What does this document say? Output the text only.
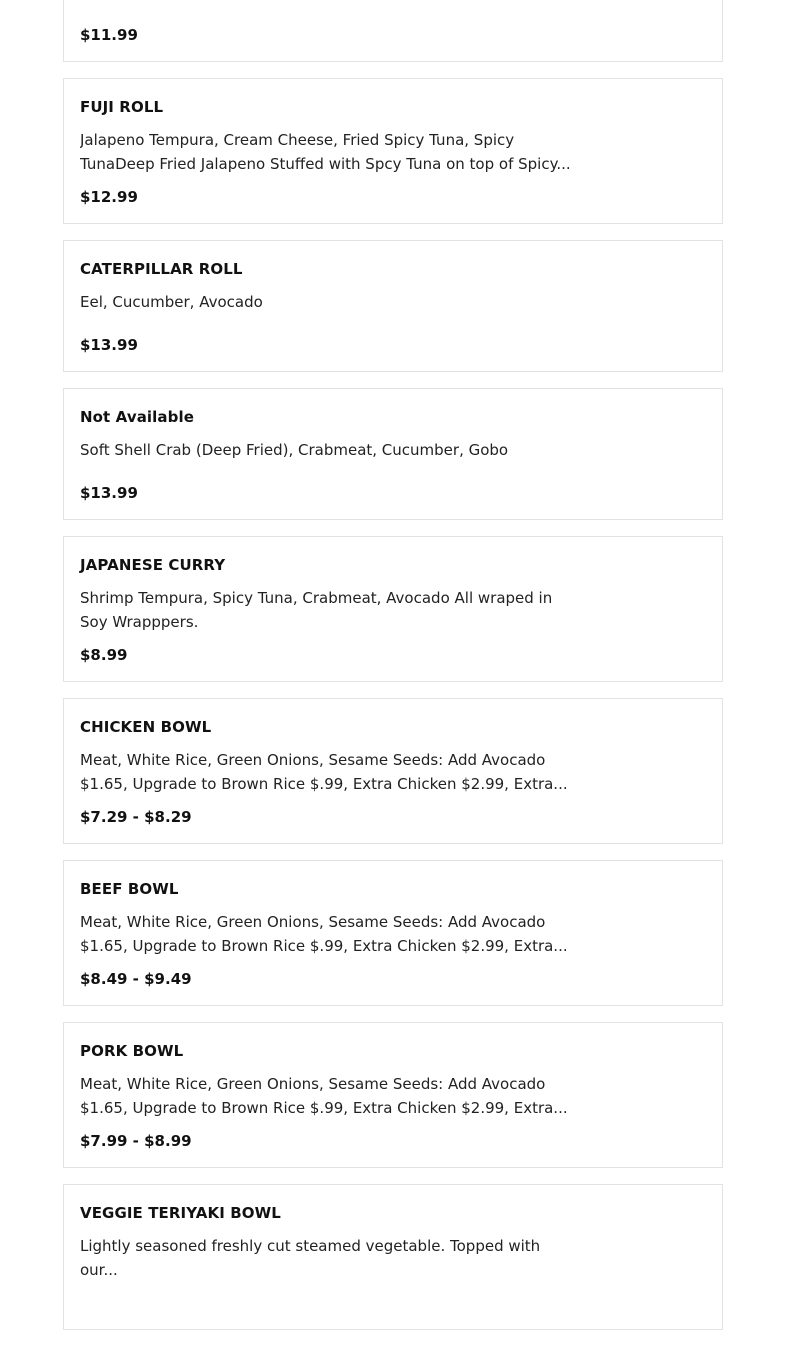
$11.99
FUJI ROLL
Jalapeno Tempura, Cream Cheese, Fried Spicy Tuna, Spicy TunaDeep Fried Jalapeno Stuffed with Spcy Tuna on top of Spicy...
$12.99
CATERPILLAR ROLL
Eel, Cucumber, Avocado
$13.99
Not Available
Soft Shell Crab (Deep Fried), Crabmeat, Cucumber, Gobo
$13.99
JAPANESE CURRY
Shrimp Tempura, Spicy Tuna, Crabmeat, Avocado All wraped in Soy Wrapppers.
$8.99
CHICKEN BOWL
Meat, White Rice, Green Onions, Sesame Seeds: Add Avocado $1.65, Upgrade to Brown Rice $.99, Extra Chicken $2.99, Extra...
$7.29 - $8.29
BEEF BOWL
Meat, White Rice, Green Onions, Sesame Seeds: Add Avocado $1.65, Upgrade to Brown Rice $.99, Extra Chicken $2.99, Extra...
$8.49 - $9.49
PORK BOWL
Meat, White Rice, Green Onions, Sesame Seeds: Add Avocado $1.65, Upgrade to Brown Rice $.99, Extra Chicken $2.99, Extra...
$7.99 - $8.99
VEGGIE TERIYAKI BOWL
Lightly seasoned freshly cut steamed vegetable. Topped with our...
